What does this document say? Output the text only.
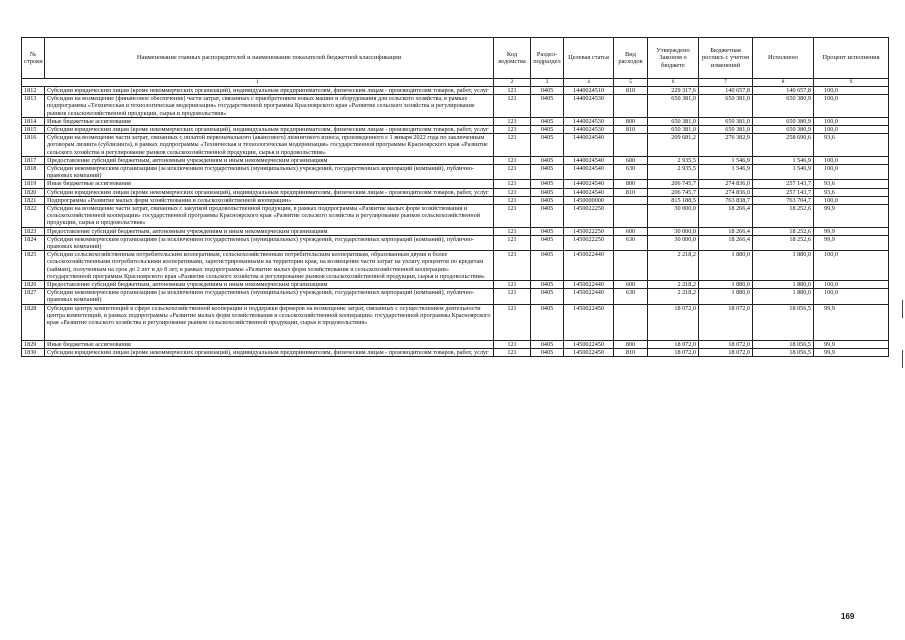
№ строки	Наименование главных распорядителей и наименование показателей бюджетной классификации	Код ведомства	Раздел-подраздел	Целевая статья	Вид расходов	Утверждено Законом о бюджете	Бюджетная роспись с учетом изменений	Исполнено	Процент исполнения
1		2	3	4	5	6	7	8	9
1812	Субсидии юридическим лицам (кроме некоммерческих организаций), индивидуальным предпринимателям, физическим лицам - производителям товаров, работ, услуг	121	0405	1440024510	810	229 317,6	140 657,8	140 657,8	100,0
1813	Субсидии на возмещение (финансовое обеспечение) части затрат, связанных с приобретением новых машин и оборудования для сельского хозяйства, в рамках подпрограммы «Техническая и технологическая модернизация» государственной программы Красноярского края «Развитие сельского хозяйства и регулирование рынков сельскохозяйственной продукции, сырья и продовольствия»	121	0405	1440024530		650 381,0	650 381,0	650 380,9	100,0
1814	Иные бюджетные ассигнования	121	0405	1440024530	800	650 381,0	650 381,0	650 380,9	100,0
1815	Субсидии юридическим лицам (кроме некоммерческих организаций), индивидуальным предпринимателям, физическим лицам - производителям товаров, работ, услуг	121	0405	1440024530	810	650 381,0	650 381,0	650 380,9	100,0
1816	Субсидии на возмещение части затрат, связанных с оплатой первоначального (авансового) лизингового взноса, произведенного с 1 января 2022 года по заключенным договорам лизинга (сублизинга), в рамках подпрограммы «Техническая и технологическая модернизация» государственной программы Красноярского края «Развитие сельского хозяйства и регулирование рынков сельскохозяйственной продукции, сырья и продовольствия»	121	0405	1440024540		209 681,2	276 382,9	258 690,6	93,6
1817	Предоставление субсидий бюджетным, автономным учреждениям и иным некоммерческим организациям	121	0405	1440024540	600	2 935,5	1 546,9	1 546,9	100,0
1818	Субсидии некоммерческим организациям (за исключением государственных (муниципальных) учреждений, государственных корпораций (компаний), публично-правовых компаний)	121	0405	1440024540	630	2 935,5	1 546,9	1 546,9	100,0
1819	Иные бюджетные ассигнования	121	0405	1440024540	800	206 745,7	274 836,0	257 143,7	93,6
1820	Субсидии юридическим лицам (кроме некоммерческих организаций), индивидуальным предпринимателям, физическим лицам - производителям товаров, работ, услуг	121	0405	1440024540	810	206 745,7	274 836,0	257 143,7	93,6
1821	Подпрограмма «Развитие малых форм хозяйствования и сельскохозяйственной кооперации»	121	0405	1450000000		815 188,5	763 838,7	763 704,7	100,0
1822	Субсидии на возмещение части затрат, связанных с закупкой продовольственной продукции, в рамках подпрограммы «Развитие малых форм хозяйствования и сельскохозяйственной кооперации» государственной программы Красноярского края «Развитие сельского хозяйства и регулирование рынков сельскохозяйственной продукции, сырья и продовольствия»	121	0405	1450022250		30 000,0	18 266,4	18 252,6	99,9
1823	Предоставление субсидий бюджетным, автономным учреждениям и иным некоммерческим организациям	121	0405	1450022250	600	30 000,0	18 266,4	18 252,6	99,9
1824	Субсидии некоммерческим организациям (за исключением государственных (муниципальных) учреждений, государственных корпораций (компаний), публично-правовых компаний)	121	0405	1450022250	630	30 000,0	18 266,4	18 252,6	99,9
1825	Субсидии сельскохозяйственным потребительским кооперативам, сельскохозяйственным потребительским кооперативам, образованным двумя и более сельскохозяйственными потребительскими кооперативами, зарегистрированными на территории края, на возмещение части затрат на уплату процентов по кредитам (займам), полученным на срок до 2 лет и до 8 лет, в рамках подпрограммы «Развитие малых форм хозяйствования и сельскохозяйственной кооперации» государственной программы Красноярского края «Развитие сельского хозяйства и регулирование рынков сельскохозяйственной продукции, сырья и продовольствия»	121	0405	1450022440		2 218,2	1 880,0	1 880,0	100,0
1826	Предоставление субсидий бюджетным, автономным учреждениям и иным некоммерческим организациям	121	0405	1450022440	600	2 218,2	1 880,0	1 880,0	100,0
1827	Субсидии некоммерческим организациям (за исключением государственных (муниципальных) учреждений, государственных корпораций (компаний), публично-правовых компаний)	121	0405	1450022440	630	2 218,2	1 880,0	1 880,0	100,0
1828	Субсидии центру компетенций в сфере сельскохозяйственной кооперации и поддержки фермеров на возмещение затрат, связанных с осуществлением деятельности центра компетенций, в рамках подпрограммы «Развитие малых форм хозяйствования и сельскохозяйственной кооперации» государственной программы Красноярского края «Развитие сельского хозяйства и регулирование рынков сельскохозяйственной продукции, сырья и продовольствия»	121	0405	1450022450		18 072,0	18 072,0	18 056,5	99,9
1829	Иные бюджетные ассигнования	121	0405	1450022450	800	18 072,0	18 072,0	18 056,5	99,9
1830	Субсидии юридическим лицам (кроме некоммерческих организаций), индивидуальным предпринимателям, физическим лицам - производителям товаров, работ, услуг	121	0405	1450022450	810	18 072,0	18 072,0	18 056,5	99,9
169
